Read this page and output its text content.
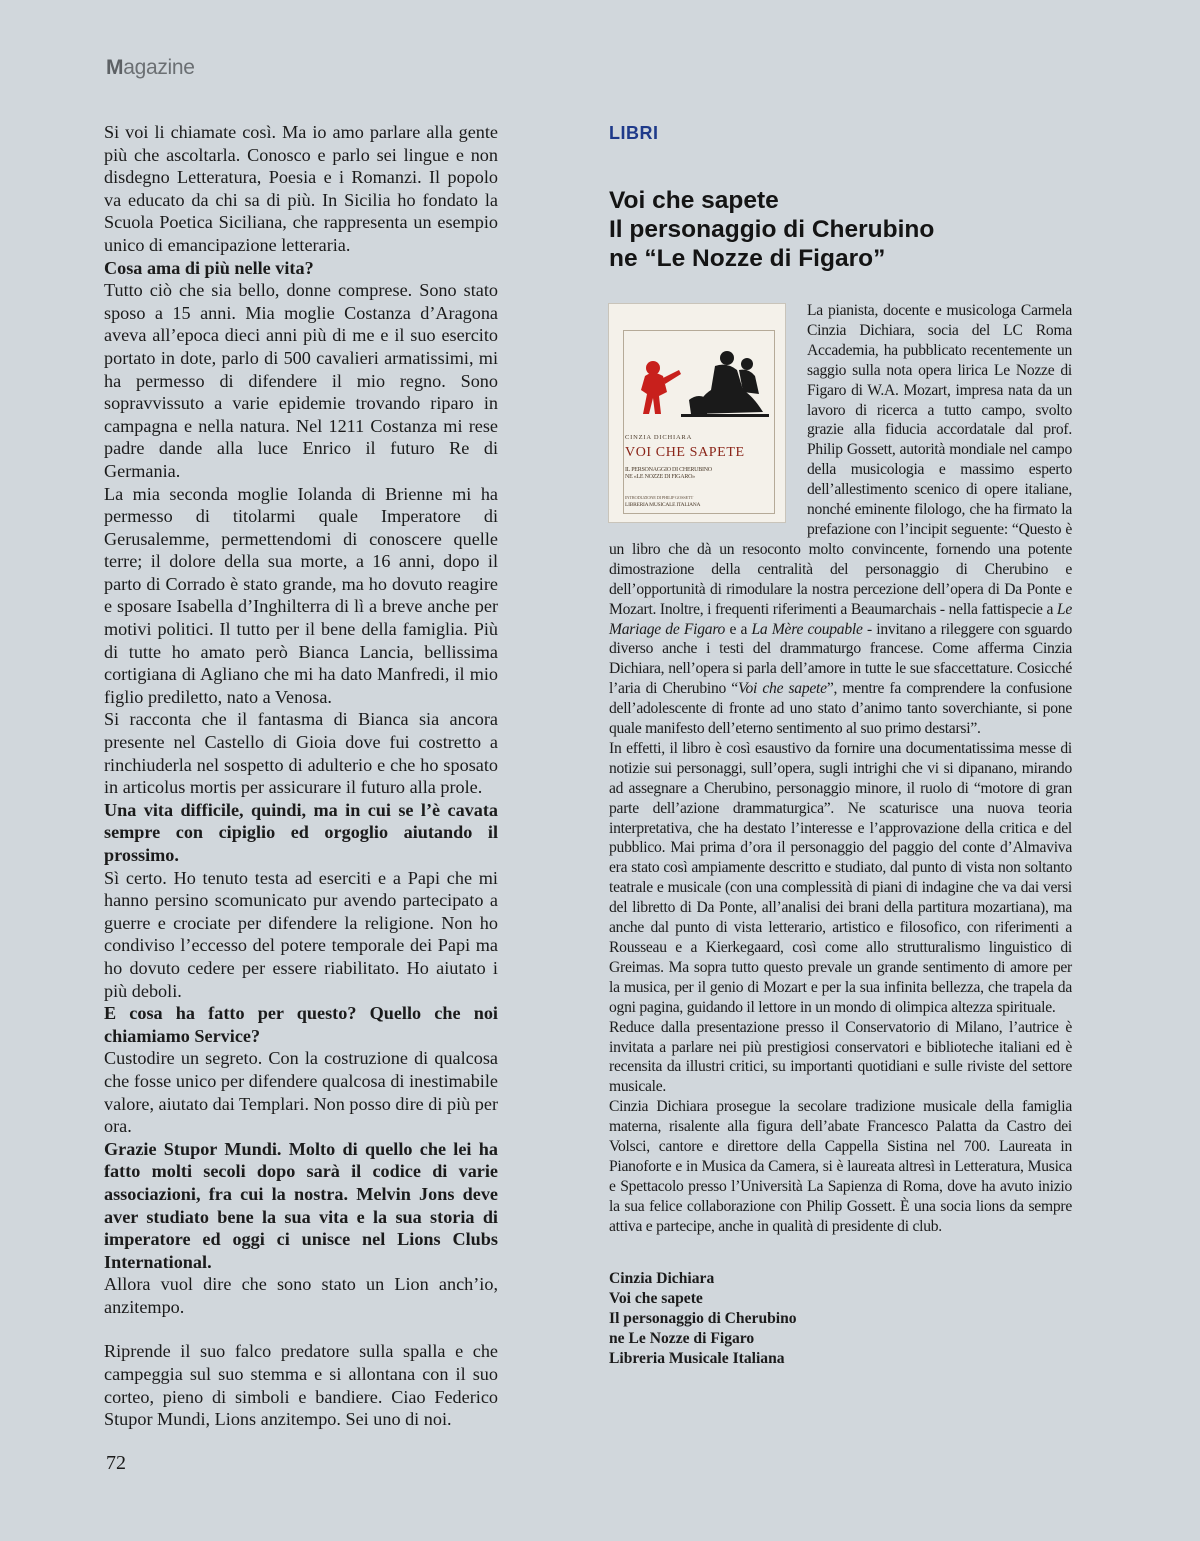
Magazine

Si voi li chiamate così. Ma io amo parlare alla gente più che ascoltarla. Conosco e parlo sei lingue e non disdegno Letteratura, Poesia e i Romanzi. Il popolo va educato da chi sa di più. In Sicilia ho fondato la Scuola Poetica Siciliana, che rappresenta un esempio unico di emancipazione letteraria.

Cosa ama di più nelle vita?

Tutto ciò che sia bello, donne comprese. Sono stato sposo a 15 anni. Mia moglie Costanza d’Aragona aveva all’epoca dieci anni più di me e il suo esercito portato in dote, parlo di 500 cavalieri armatissimi, mi ha permesso di difendere il mio regno. Sono sopravvissuto a varie epidemie trovando riparo in campagna e nella natura. Nel 1211 Costanza mi rese padre dande alla luce Enrico il futuro Re di Germania.

La mia seconda moglie Iolanda di Brienne mi ha permesso di titolarmi quale Imperatore di Gerusalemme, permettendomi di conoscere quelle terre; il dolore della sua morte, a 16 anni, dopo il parto di Corrado è stato grande, ma ho dovuto reagire e sposare Isabella d’Inghilterra di lì a breve anche per motivi politici. Il tutto per il bene della famiglia. Più di tutte ho amato però Bianca Lancia, bellissima cortigiana di Agliano che mi ha dato Manfredi, il mio figlio prediletto, nato a Venosa.

Si racconta che il fantasma di Bianca sia ancora presente nel Castello di Gioia dove fui costretto a rinchiuderla nel sospetto di adulterio e che ho sposato in articolus mortis per assicurare il futuro alla prole.

Una vita difficile, quindi, ma in cui se l’è cavata sempre con cipiglio ed orgoglio aiutando il prossimo.

Sì certo. Ho tenuto testa ad eserciti e a Papi che mi hanno persino scomunicato pur avendo partecipato a guerre e crociate per difendere la religione. Non ho condiviso l’eccesso del potere temporale dei Papi ma ho dovuto cedere per essere riabilitato. Ho aiutato i più deboli.

E cosa ha fatto per questo? Quello che noi chiamiamo Service?

Custodire un segreto. Con la costruzione di qualcosa che fosse unico per difendere qualcosa di inestimabile valore, aiutato dai Templari. Non posso dire di più per ora.

Grazie Stupor Mundi. Molto di quello che lei ha fatto molti secoli dopo sarà il codice di varie associazioni, fra cui la nostra. Melvin Jons deve aver studiato bene la sua vita e la sua storia di imperatore ed oggi ci unisce nel Lions Clubs International.

Allora vuol dire che sono stato un Lion anch’io, anzitempo.

Riprende il suo falco predatore sulla spalla e che campeggia sul suo stemma e si allontana con il suo corteo, pieno di simboli e bandiere. Ciao Federico Stupor Mundi, Lions anzitempo. Sei uno di noi.

72
LIBRI
Voi che sapete
Il personaggio di Cherubino
ne “Le Nozze di Figaro”
CINZIA DICHIARA
VOI CHE SAPETE
IL PERSONAGGIO DI CHERUBINO
NE «LE NOZZE DI FIGARO»
INTRODUZIONE DI PHILIP GOSSETT
LIBRERIA MUSICALE ITALIANA

La pianista, docente e musicologa Carmela Cinzia Dichiara, socia del LC Roma Accademia, ha pubblicato recentemente un saggio sulla nota opera lirica Le Nozze di Figaro di W.A. Mozart, impresa nata da un lavoro di ricerca a tutto campo, svolto grazie alla fiducia accordatale dal prof. Philip Gossett, autorità mondiale nel campo della musicologia e massimo esperto dell’allestimento scenico di opere italiane, nonché eminente filologo, che ha firmato la prefazione con l’incipit seguente: “Questo è un libro che dà un resoconto molto convincente, fornendo una potente dimostrazione della centralità del personaggio di Cherubino e dell’opportunità di rimodulare la nostra percezione dell’opera di Da Ponte e Mozart. Inoltre, i frequenti riferimenti a Beaumarchais - nella fattispecie a Le Mariage de Figaro e a La Mère coupable - invitano a rileggere con sguardo diverso anche i testi del drammaturgo francese. Come afferma Cinzia Dichiara, nell’opera si parla dell’amore in tutte le sue sfaccettature. Cosicché l’aria di Cherubino “Voi che sapete”, mentre fa comprendere la confusione dell’adolescente di fronte ad uno stato d’animo tanto soverchiante, si pone quale manifesto dell’eterno sentimento al suo primo destarsi”.

In effetti, il libro è così esaustivo da fornire una documentatissima messe di notizie sui personaggi, sull’opera, sugli intrighi che vi si dipanano, mirando ad assegnare a Cherubino, personaggio minore, il ruolo di “motore di gran parte dell’azione drammaturgica”. Ne scaturisce una nuova teoria interpretativa, che ha destato l’interesse e l’approvazione della critica e del pubblico. Mai prima d’ora il personaggio del paggio del conte d’Almaviva era stato così ampiamente descritto e studiato, dal punto di vista non soltanto teatrale e musicale (con una complessità di piani di indagine che va dai versi del libretto di Da Ponte, all’analisi dei brani della partitura mozartiana), ma anche dal punto di vista letterario, artistico e filosofico, con riferimenti a Rousseau e a Kierkegaard, così come allo strutturalismo linguistico di Greimas. Ma sopra tutto questo prevale un grande sentimento di amore per la musica, per il genio di Mozart e per la sua infinita bellezza, che trapela da ogni pagina, guidando il lettore in un mondo di olimpica altezza spirituale.

Reduce dalla presentazione presso il Conservatorio di Milano, l’autrice è invitata a parlare nei più prestigiosi conservatori e biblioteche italiani ed è recensita da illustri critici, su importanti quotidiani e sulle riviste del settore musicale.

Cinzia Dichiara prosegue la secolare tradizione musicale della famiglia materna, risalente alla figura dell’abate Francesco Palatta da Castro dei Volsci, cantore e direttore della Cappella Sistina nel 700. Laureata in Pianoforte e in Musica da Camera, si è laureata altresì in Letteratura, Musica e Spettacolo presso l’Università La Sapienza di Roma, dove ha avuto inizio la sua felice collaborazione con Philip Gossett. È una socia lions da sempre attiva e partecipe, anche in qualità di presidente di club.

Cinzia Dichiara
Voi che sapete
Il personaggio di Cherubino
ne Le Nozze di Figaro
Libreria Musicale Italiana
